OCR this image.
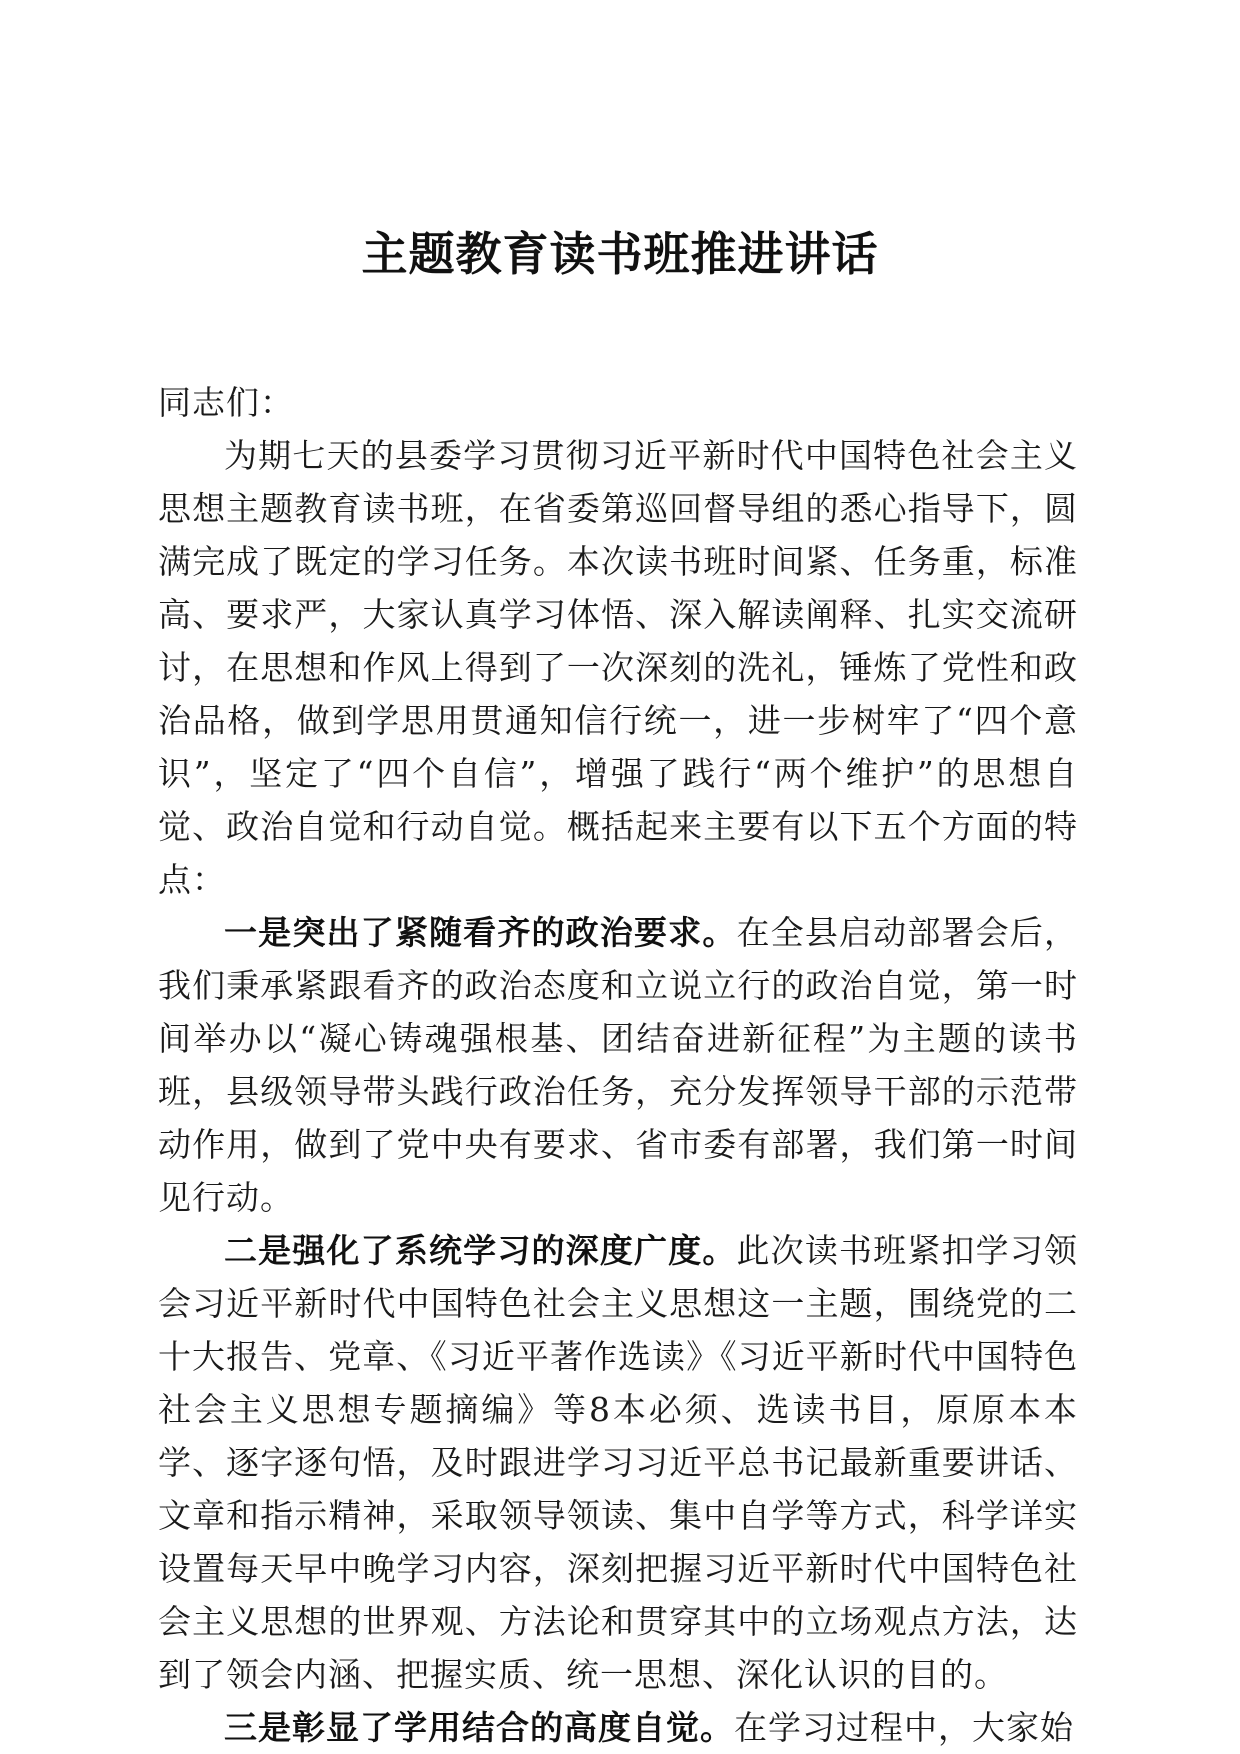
主题教育读书班推进讲话

同志们：

为期七天的县委学习贯彻习近平新时代中国特色社会主义思想主题教育读书班，在省委第巡回督导组的悉心指导下，圆满完成了既定的学习任务。本次读书班时间紧、任务重，标准高、要求严，大家认真学习体悟、深入解读阐释、扎实交流研讨，在思想和作风上得到了一次深刻的洗礼，锤炼了党性和政治品格，做到学思用贯通知信行统一，进一步树牢了“四个意识”，坚定了“四个自信”，增强了践行“两个维护”的思想自觉、政治自觉和行动自觉。概括起来主要有以下五个方面的特点：

一是突出了紧随看齐的政治要求。在全县启动部署会后，我们秉承紧跟看齐的政治态度和立说立行的政治自觉，第一时间举办以“凝心铸魂强根基、团结奋进新征程”为主题的读书班，县级领导带头践行政治任务，充分发挥领导干部的示范带动作用，做到了党中央有要求、省市委有部署，我们第一时间见行动。

二是强化了系统学习的深度广度。此次读书班紧扣学习领会习近平新时代中国特色社会主义思想这一主题，围绕党的二十大报告、党章、《习近平著作选读》《习近平新时代中国特色社会主义思想专题摘编》等8本必须、选读书目，原原本本学、逐字逐句悟，及时跟进学习习近平总书记最新重要讲话、文章和指示精神，采取领导领读、集中自学等方式，科学详实设置每天早中晚学习内容，深刻把握习近平新时代中国特色社会主义思想的世界观、方法论和贯穿其中的立场观点方法，达到了领会内涵、把握实质、统一思想、深化认识的目的。

三是彰显了学用结合的高度自觉。在学习过程中，大家始
